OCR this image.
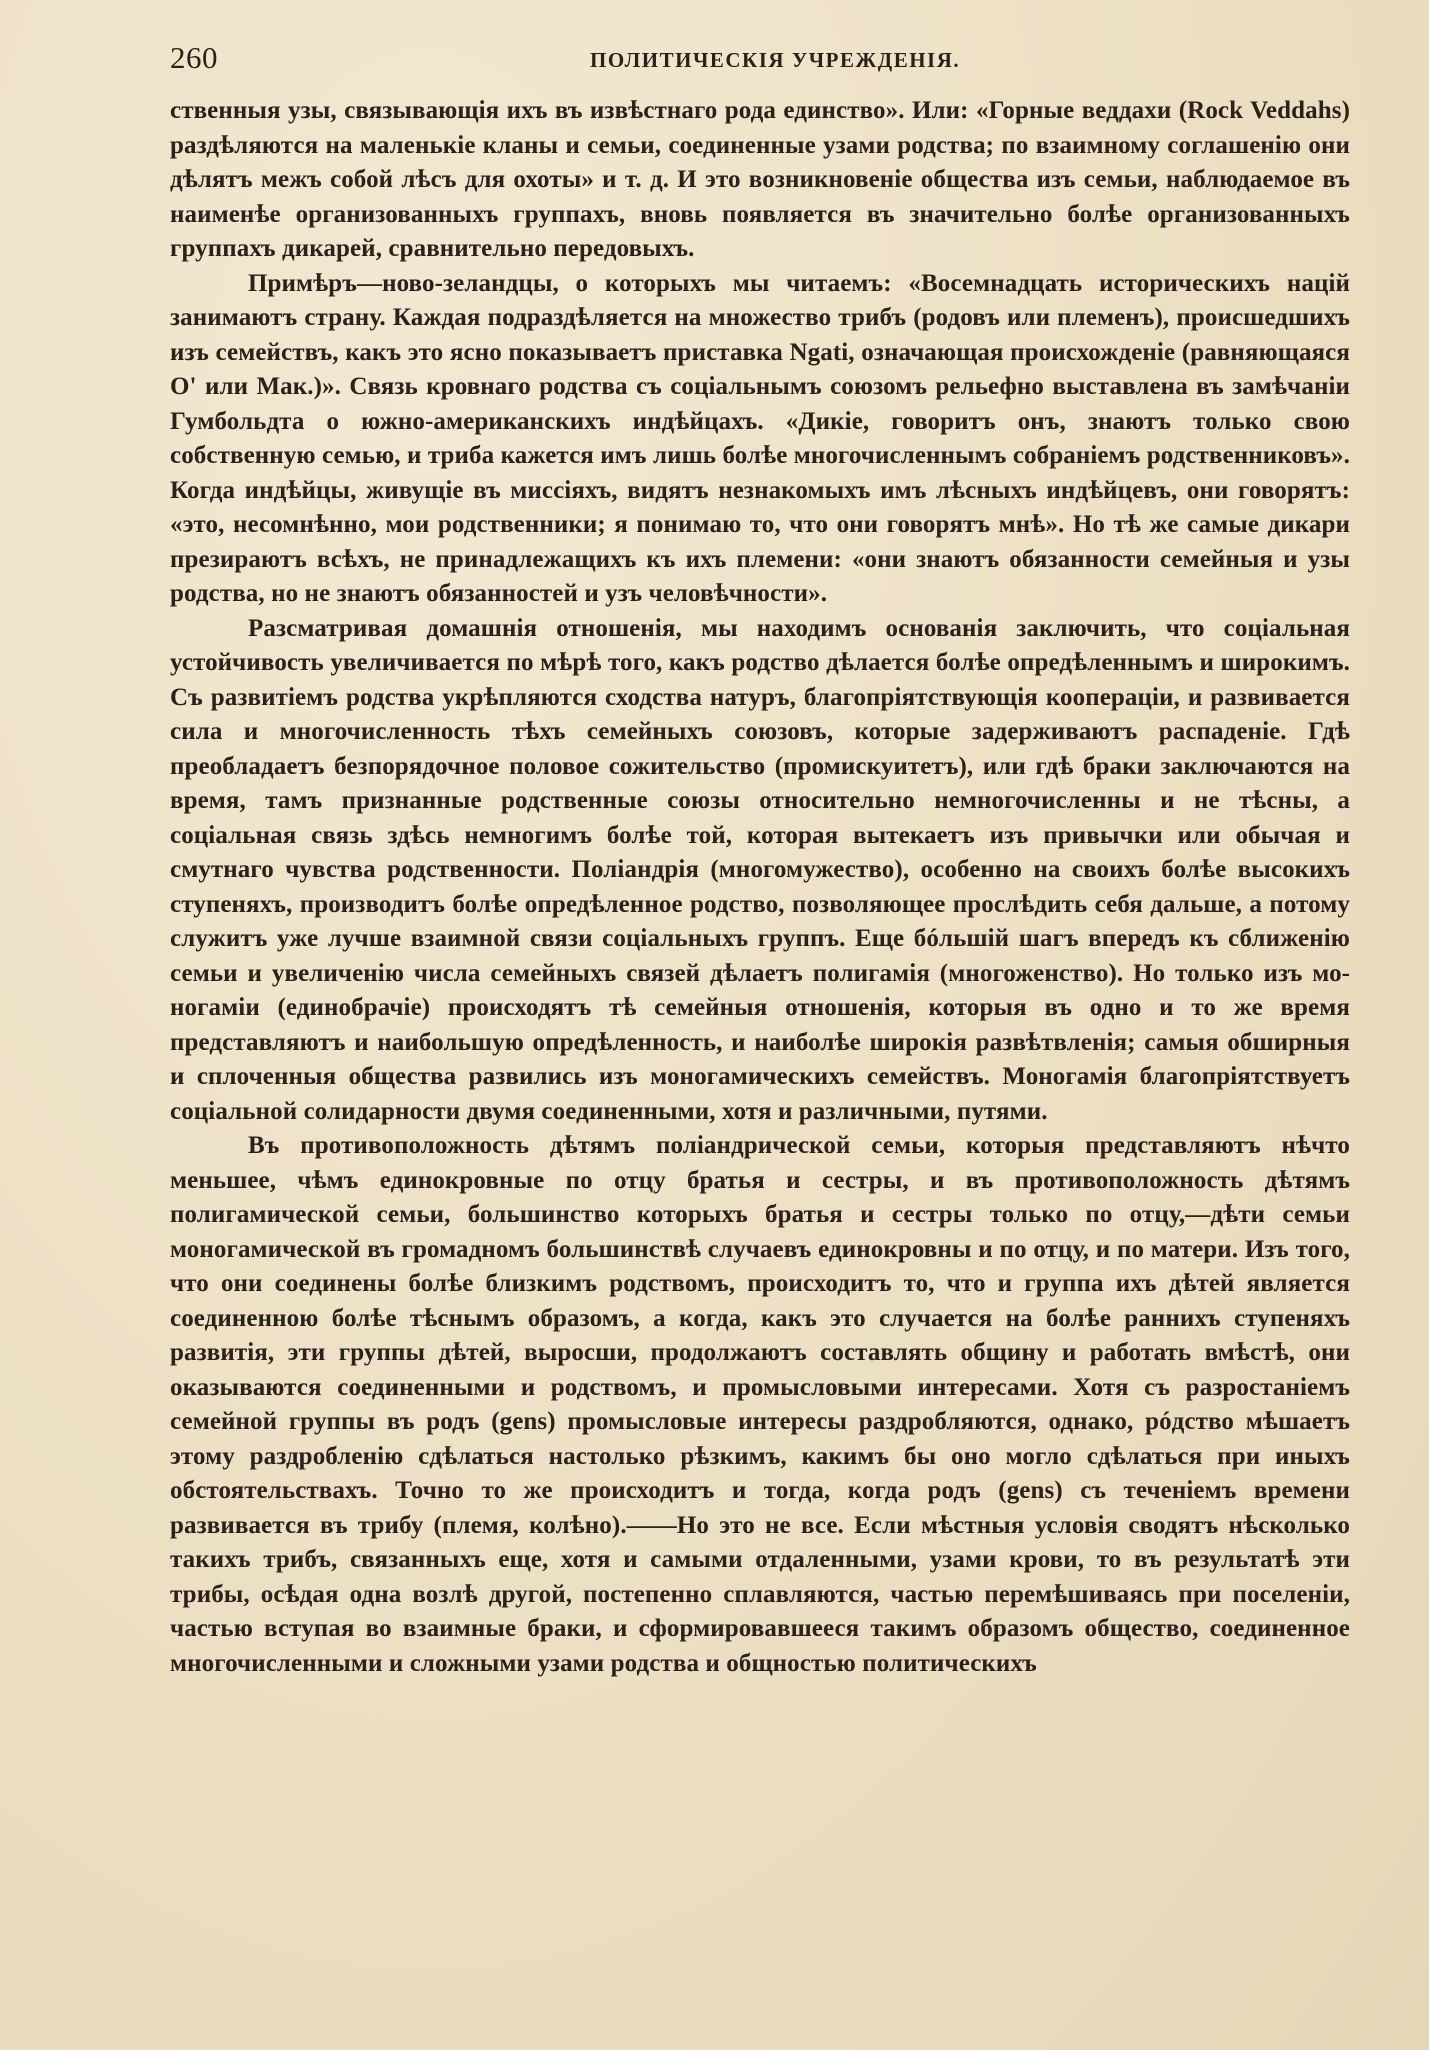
260	ПОЛИТИЧЕСКІЯ УЧРЕЖДЕНІЯ.

ственныя узы, связывающія ихъ въ извѣстнаго рода единство». Или: «Горные веддахи (Rock Veddahs) раздѣляются на маленькіе кланы и семьи, соединенные узами родства; по взаимному соглашенію они дѣлятъ межъ собой лѣсъ для охоты» и т. д. И это возникновеніе общества изъ семьи, наблюдаемое въ наименѣе организованныхъ группахъ, вновь появляется въ значительно болѣе организованныхъ группахъ дикарей, сравнительно передовыхъ.

Примѣръ—ново-зеландцы, о которыхъ мы читаемъ: «Восемнадцать историческихъ націй занимаютъ страну. Каждая подраздѣляется на множество трибъ (родовъ или племенъ), происшедшихъ изъ семействъ, какъ это ясно показываетъ приставка Ngati, означающая происхожденіе (равняющаяся О' или Мак.)». Связь кровнаго родства съ соціальнымъ союзомъ рельефно выставлена въ замѣчаніи Гумбольдта о южно-американскихъ индѣйцахъ. «Дикіе, говоритъ онъ, знаютъ только свою собственную семью, и триба кажется имъ лишь болѣе многочисленнымъ собраніемъ родственниковъ». Когда индѣйцы, живущіе въ миссіяхъ, видятъ незнакомыхъ имъ лѣсныхъ индѣйцевъ, они говорятъ: «это, несомнѣнно, мои родственники; я понимаю то, что они говорятъ мнѣ». Но тѣ же самые дикари презираютъ всѣхъ, не принадлежащихъ къ ихъ племени: «они знаютъ обязанности семейныя и узы родства, но не знаютъ обязанностей и узъ человѣчности».

Разсматривая домашнія отношенія, мы находимъ основанія заключить, что соціальная устойчивость увеличивается по мѣрѣ того, какъ родство дѣлается болѣе опредѣленнымъ и широкимъ. Съ развитіемъ родства укрѣпляются сходства натуръ, благопріятствующія коопераціи, и развивается сила и многочисленность тѣхъ семейныхъ союзовъ, которые задерживаютъ распаденіе. Гдѣ преобладаетъ безпорядочное половое сожительство (промискуитетъ), или гдѣ браки заключаются на время, тамъ признанные родственные союзы относительно немногочисленны и не тѣсны, а соціальная связь здѣсь немногимъ болѣе той, которая вытекаетъ изъ привычки или обычая и смутнаго чувства родственности. Поліандрія (многомужество), особенно на своихъ болѣе высокихъ ступеняхъ, производитъ болѣе опредѣленное родство, позволяющее прослѣдить себя дальше, а потому служитъ уже лучше взаимной связи соціальныхъ группъ. Еще бóльшій шагъ впередъ къ сближенію семьи и увеличенію числа семейныхъ связей дѣлаетъ полигамія (многоженство). Но только изъ моногаміи (единобрачіе) происходятъ тѣ семейныя отношенія, которыя въ одно и то же время представляютъ и наибольшую опредѣленность, и наиболѣе широкія развѣтвленія; самыя обширныя и сплоченныя общества развились изъ моногамическихъ семействъ. Моногамія благопріятствуетъ соціальной солидарности двумя соединенными, хотя и различными, путями.

Въ противоположность дѣтямъ поліандрической семьи, которыя представляютъ нѣчто меньшее, чѣмъ единокровные по отцу братья и сестры, и въ противоположность дѣтямъ полигамической семьи, большинство которыхъ братья и сестры только по отцу,—дѣти семьи моногамической въ громадномъ большинствѣ случаевъ единокровны и по отцу, и по матери. Изъ того, что они соединены болѣе близкимъ родствомъ, происходитъ то, что и группа ихъ дѣтей является соединенною болѣе тѣснымъ образомъ, а когда, какъ это случается на болѣе раннихъ ступеняхъ развитія, эти группы дѣтей, выросши, продолжаютъ составлять общину и работать вмѣстѣ, они оказываются соединенными и родствомъ, и промысловыми интересами. Хотя съ разростаніемъ семейной группы въ родъ (gens) промысловые интересы раздробляются, однако, рóдство мѣшаетъ этому раздробленію сдѣлаться настолько рѣзкимъ, какимъ бы оно могло сдѣлаться при иныхъ обстоятельствахъ. Точно то же происходитъ и тогда, когда родъ (gens) съ теченіемъ времени развивается въ трибу (племя, колѣно).——Но это не все. Если мѣстныя условія сводятъ нѣсколько такихъ трибъ, связанныхъ еще, хотя и самыми отдаленными, узами крови, то въ результатѣ эти трибы, осѣдая одна возлѣ другой, постепенно сплавляются, частью перемѣшиваясь при поселеніи, частью вступая во взаимные браки, и сформировавшееся такимъ образомъ общество, соединенное многочисленными и сложными узами родства и общностью политическихъ
